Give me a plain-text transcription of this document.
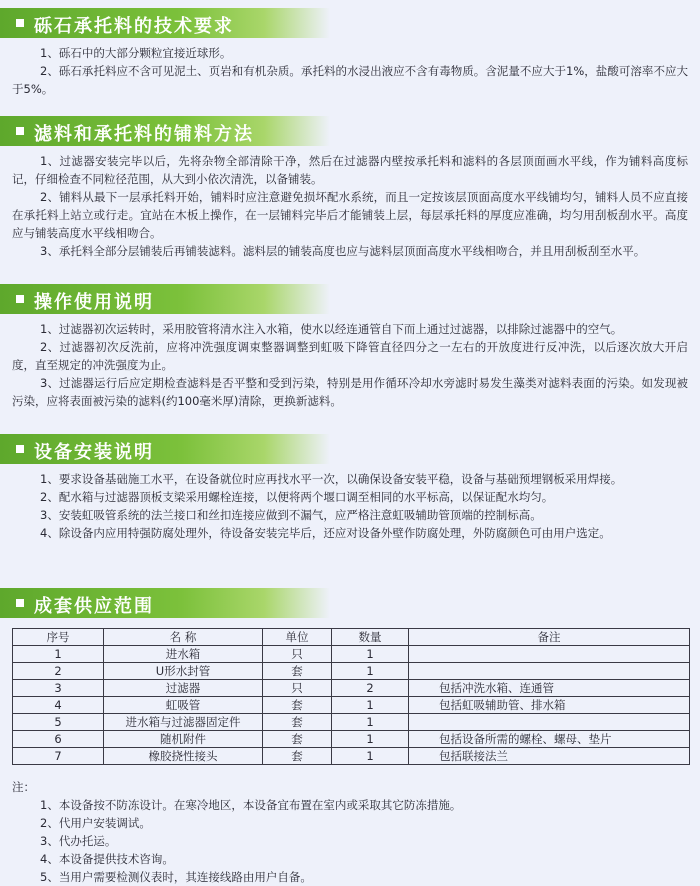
砾石承托料的技术要求

1、砾石中的大部分颗粒宜接近球形。

2、砾石承托料应不含可见泥土、页岩和有机杂质。承托料的水浸出液应不含有毒物质。含泥量不应大于1%，盐酸可溶率不应大于5%。

滤料和承托料的铺料方法

1、过滤器安装完毕以后，先将杂物全部清除干净，然后在过滤器内壁按承托料和滤料的各层顶面画水平线，作为铺料高度标记，仔细检查不同粒径范围，从大到小依次清洗，以备铺装。

2、铺料从最下一层承托料开始，铺料时应注意避免损坏配水系统，而且一定按该层顶面高度水平线铺均匀，铺料人员不应直接在承托料上站立或行走。宜站在木板上操作，在一层铺料完毕后才能铺装上层，每层承托料的厚度应准确，均匀用刮板刮水平。高度应与铺装高度水平线相吻合。

3、承托料全部分层铺装后再铺装滤料。滤料层的铺装高度也应与滤料层顶面高度水平线相吻合，并且用刮板刮至水平。

操作使用说明

1、过滤器初次运转时，采用胶管将清水注入水箱，使水以经连通管自下而上通过过滤器，以排除过滤器中的空气。

2、过滤器初次反洗前，应将冲洗强度调束整器调整到虹吸下降管直径四分之一左右的开放度进行反冲洗，以后逐次放大开启度，直至规定的冲洗强度为止。

3、过滤器运行后应定期检查滤料是否平整和受到污染，特别是用作循环冷却水旁滤时易发生藻类对滤料表面的污染。如发现被污染，应将表面被污染的滤料(约100毫米厚)清除，更换新滤料。

设备安装说明

1、要求设备基础施工水平，在设备就位时应再找水平一次，以确保设备安装平稳，设备与基础预埋钢板采用焊接。

2、配水箱与过滤器顶板支梁采用螺栓连接，以便将两个堰口调至相同的水平标高，以保证配水均匀。

3、安装虹吸管系统的法兰接口和丝扣连接应做到不漏气，应严格注意虹吸辅助管顶端的控制标高。

4、除设备内应用特强防腐处理外，待设备安装完毕后，还应对设备外壁作防腐处理，外防腐颜色可由用户选定。

成套供应范围
序号	名 称	单位	数量	备注
1	进水箱	只	1	
2	U形水封管	套	1	
3	过滤器	只	2	包括冲洗水箱、连通管
4	虹吸管	套	1	包括虹吸辅助管、排水箱
5	进水箱与过滤器固定件	套	1	
6	随机附件	套	1	包括设备所需的螺栓、螺母、垫片
7	橡胶挠性接头	套	1	包括联接法兰

注：

1、本设备按不防冻设计。在寒冷地区，本设备宜布置在室内或采取其它防冻措施。

2、代用户安装调试。

3、代办托运。

4、本设备提供技术咨询。

5、当用户需要检测仪表时，其连接线路由用户自备。
